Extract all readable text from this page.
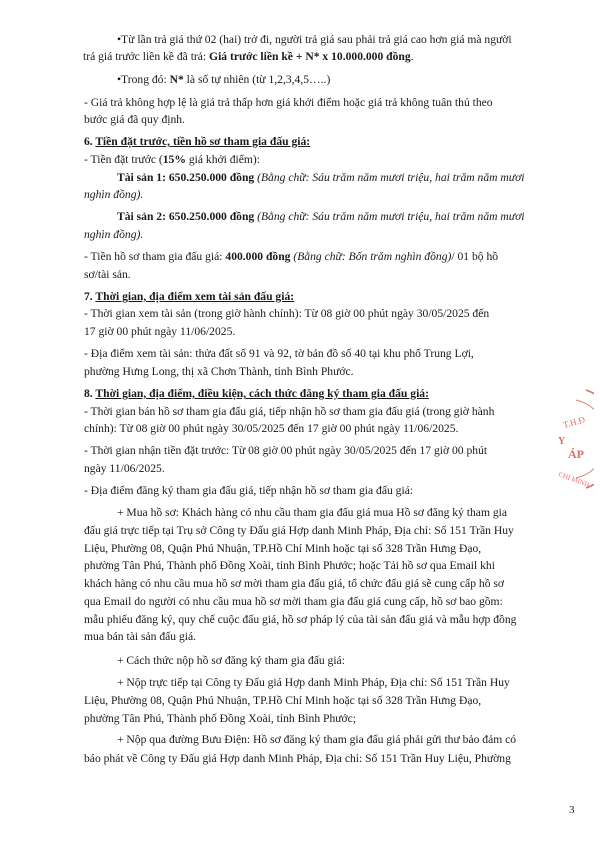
•Từ lần trả giá thứ 02 (hai) trở đi, người trả giá sau phải trả giá cao hơn giá mà người
trả giá trước liền kề đã trả: Giá trước liền kề + N* x 10.000.000 đồng.
•Trong đó: N* là số tự nhiên (từ 1,2,3,4,5…..)
- Giá trả không hợp lệ là giá trả thấp hơn giá khởi điểm hoặc giá trả không tuân thủ theo
bước giá đã quy định.
6. Tiền đặt trước, tiền hồ sơ tham gia đấu giá:
- Tiền đặt trước (15% giá khởi điểm):
Tài sản 1: 650.250.000 đồng (Bằng chữ: Sáu trăm năm mươi triệu, hai trăm năm mươi
nghìn đồng).
Tài sản 2: 650.250.000 đồng (Bằng chữ: Sáu trăm năm mươi triệu, hai trăm năm mươi
nghìn đồng).
- Tiền hồ sơ tham gia đấu giá: 400.000 đồng (Bằng chữ: Bốn trăm nghìn đồng)/ 01 bộ hồ
sơ/tài sản.
7. Thời gian, địa điểm xem tài sản đấu giá:
- Thời gian xem tài sản (trong giờ hành chính): Từ 08 giờ 00 phút ngày 30/05/2025 đến
17 giờ 00 phút ngày 11/06/2025.
- Địa điểm xem tài sản: thửa đất số 91 và 92, tờ bản đồ số 40 tại khu phố Trung Lợi,
phường Hưng Long, thị xã Chơn Thành, tỉnh Bình Phước.
8. Thời gian, địa điểm, điều kiện, cách thức đăng ký tham gia đấu giá:
- Thời gian bán hồ sơ tham gia đấu giá, tiếp nhận hồ sơ tham gia đấu giá (trong giờ hành
chính): Từ 08 giờ 00 phút ngày 30/05/2025 đến 17 giờ 00 phút ngày 11/06/2025.
- Thời gian nhận tiền đặt trước: Từ 08 giờ 00 phút ngày 30/05/2025 đến 17 giờ 00 phút
ngày 11/06/2025.
- Địa điểm đăng ký tham gia đấu giá, tiếp nhận hồ sơ tham gia đấu giá:
+ Mua hồ sơ: Khách hàng có nhu cầu tham gia đấu giá mua Hồ sơ đăng ký tham gia
đấu giá trực tiếp tại Trụ sở Công ty Đấu giá Hợp danh Minh Pháp, Địa chỉ: Số 151 Trần Huy
Liệu, Phường 08, Quận Phú Nhuận, TP.Hồ Chí Minh hoặc tại số 328 Trần Hưng Đạo,
phường Tân Phú, Thành phố Đồng Xoài, tỉnh Bình Phước; hoặc Tải hồ sơ qua Email khi
khách hàng có nhu cầu mua hồ sơ mời tham gia đấu giá, tổ chức đấu giá sẽ cung cấp hồ sơ
qua Email do người có nhu cầu mua hồ sơ mời tham gia đấu giá cung cấp, hồ sơ bao gồm:
mẫu phiếu đăng ký, quy chế cuộc đấu giá, hồ sơ pháp lý của tài sản đấu giá và mẫu hợp đồng
mua bán tài sản đấu giá.
+ Cách thức nộp hồ sơ đăng ký tham gia đấu giá:
+ Nộp trực tiếp tại Công ty Đấu giá Hợp danh Minh Pháp, Địa chỉ: Số 151 Trần Huy
Liệu, Phường 08, Quận Phú Nhuận, TP.Hồ Chí Minh hoặc tại số 328 Trần Hưng Đạo,
phường Tân Phú, Thành phố Đồng Xoài, tỉnh Bình Phước;
+ Nộp qua đường Bưu Điện: Hồ sơ đăng ký tham gia đấu giá phải gửi thư bảo đảm có
báo phát về Công ty Đấu giá Hợp danh Minh Pháp, Địa chỉ: Số 151 Trần Huy Liệu, Phường
T.H.Đ
Y
ÁP
CHÍ MINH
3
